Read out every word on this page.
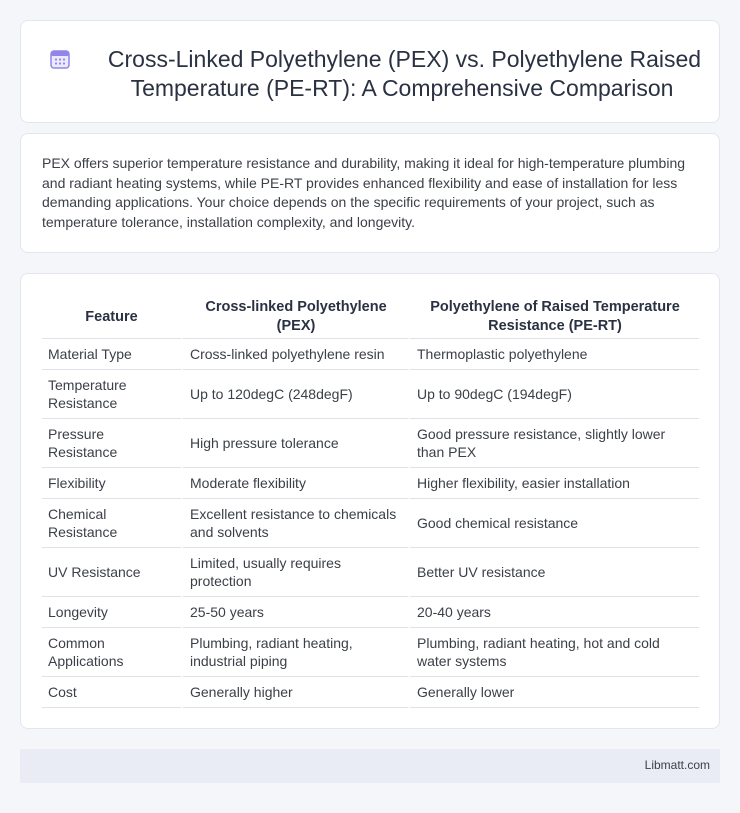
Cross-Linked Polyethylene (PEX) vs. Polyethylene Raised Temperature (PE-RT): A Comprehensive Comparison

PEX offers superior temperature resistance and durability, making it ideal for high-temperature plumbing and radiant heating systems, while PE-RT provides enhanced flexibility and ease of installation for less demanding applications. Your choice depends on the specific requirements of your project, such as temperature tolerance, installation complexity, and longevity.

Feature	Cross-linked Polyethylene (PEX)	Polyethylene of Raised Temperature Resistance (PE-RT)
Material Type	Cross-linked polyethylene resin	Thermoplastic polyethylene
Temperature Resistance	Up to 120degC (248degF)	Up to 90degC (194degF)
Pressure Resistance	High pressure tolerance	Good pressure resistance, slightly lower than PEX
Flexibility	Moderate flexibility	Higher flexibility, easier installation
Chemical Resistance	Excellent resistance to chemicals and solvents	Good chemical resistance
UV Resistance	Limited, usually requires protection	Better UV resistance
Longevity	25-50 years	20-40 years
Common Applications	Plumbing, radiant heating, industrial piping	Plumbing, radiant heating, hot and cold water systems
Cost	Generally higher	Generally lower
Libmatt.com
